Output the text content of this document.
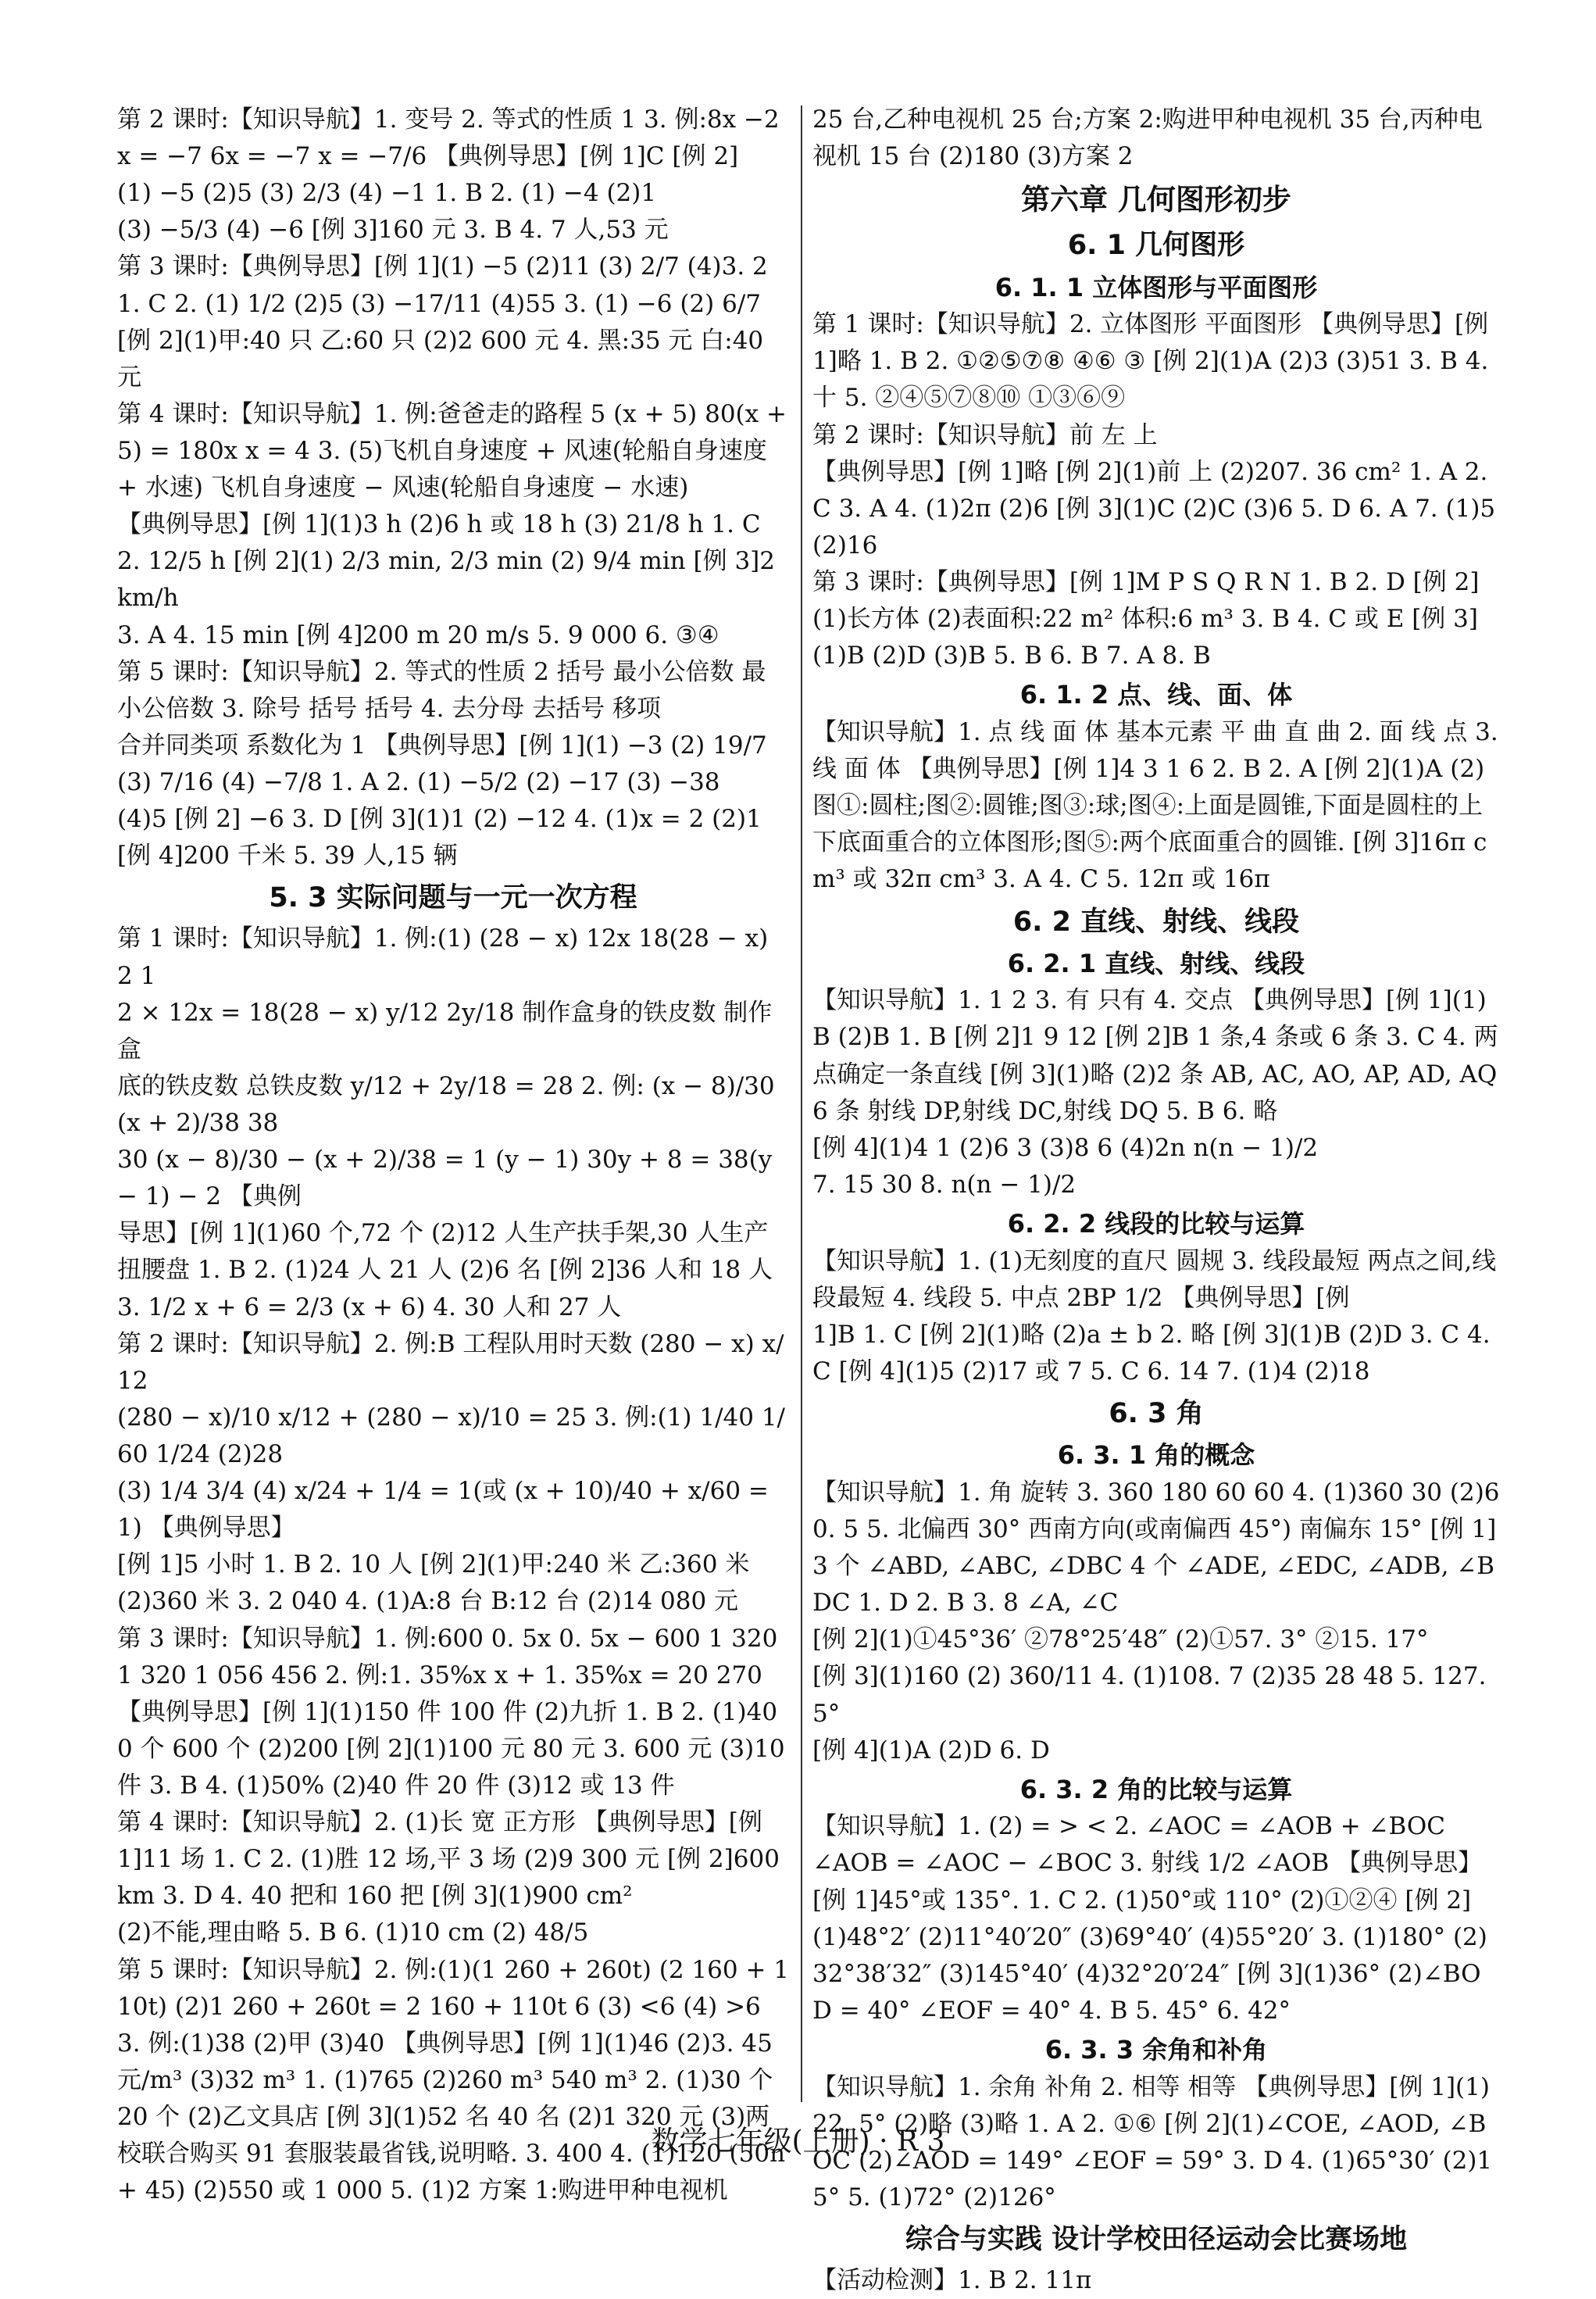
第 2 课时:【知识导航】1. 变号 2. 等式的性质 1 3. 例:8x −2x = −7 6x = −7 x = −7/6 【典例导思】[例 1]C [例 2]
(1) −5 (2)5 (3) 2/3 (4) −1 1. B 2. (1) −4 (2)1
(3) −5/3 (4) −6 [例 3]160 元 3. B 4. 7 人,53 元
第 3 课时:【典例导思】[例 1](1) −5 (2)11 (3) 2/7 (4)3. 2
1. C 2. (1) 1/2 (2)5 (3) −17/11 (4)55 3. (1) −6 (2) 6/7
[例 2](1)甲:40 只 乙:60 只 (2)2 600 元 4. 黑:35 元 白:40 元
第 4 课时:【知识导航】1. 例:爸爸走的路程 5 (x + 5) 80(x + 5) = 180x x = 4 3. (5)飞机自身速度 + 风速(轮船自身速度 + 水速) 飞机自身速度 − 风速(轮船自身速度 − 水速)
【典例导思】[例 1](1)3 h (2)6 h 或 18 h (3) 21/8 h 1. C
2. 12/5 h [例 2](1) 2/3 min, 2/3 min (2) 9/4 min [例 3]2 km/h
3. A 4. 15 min [例 4]200 m 20 m/s 5. 9 000 6. ③④
第 5 课时:【知识导航】2. 等式的性质 2 括号 最小公倍数 最小公倍数 3. 除号 括号 括号 4. 去分母 去括号 移项
合并同类项 系数化为 1 【典例导思】[例 1](1) −3 (2) 19/7
(3) 7/16 (4) −7/8 1. A 2. (1) −5/2 (2) −17 (3) −38
(4)5 [例 2] −6 3. D [例 3](1)1 (2) −12 4. (1)x = 2 (2)1 [例 4]200 千米 5. 39 人,15 辆
5. 3 实际问题与一元一次方程
第 1 课时:【知识导航】1. 例:(1) (28 − x) 12x 18(28 − x) 2 1
2 × 12x = 18(28 − x) y/12 2y/18 制作盒身的铁皮数 制作盒
底的铁皮数 总铁皮数 y/12 + 2y/18 = 28 2. 例: (x − 8)/30 (x + 2)/38 38
30 (x − 8)/30 − (x + 2)/38 = 1 (y − 1) 30y + 8 = 38(y − 1) − 2 【典例
导思】[例 1](1)60 个,72 个 (2)12 人生产扶手架,30 人生产扭腰盘 1. B 2. (1)24 人 21 人 (2)6 名 [例 2]36 人和 18 人
3. 1/2 x + 6 = 2/3 (x + 6) 4. 30 人和 27 人
第 2 课时:【知识导航】2. 例:B 工程队用时天数 (280 − x) x/12
(280 − x)/10 x/12 + (280 − x)/10 = 25 3. 例:(1) 1/40 1/60 1/24 (2)28
(3) 1/4 3/4 (4) x/24 + 1/4 = 1(或 (x + 10)/40 + x/60 = 1) 【典例导思】
[例 1]5 小时 1. B 2. 10 人 [例 2](1)甲:240 米 乙:360 米 (2)360 米 3. 2 040 4. (1)A:8 台 B:12 台 (2)14 080 元
第 3 课时:【知识导航】1. 例:600 0. 5x 0. 5x − 600 1 320 1 320 1 056 456 2. 例:1. 35%x x + 1. 35%x = 20 270
【典例导思】[例 1](1)150 件 100 件 (2)九折 1. B 2. (1)400 个 600 个 (2)200 [例 2](1)100 元 80 元 3. 600 元 (3)10 件 3. B 4. (1)50% (2)40 件 20 件 (3)12 或 13 件
第 4 课时:【知识导航】2. (1)长 宽 正方形 【典例导思】[例 1]11 场 1. C 2. (1)胜 12 场,平 3 场 (2)9 300 元 [例 2]600 km 3. D 4. 40 把和 160 把 [例 3](1)900 cm²
(2)不能,理由略 5. B 6. (1)10 cm (2) 48/5
第 5 课时:【知识导航】2. 例:(1)(1 260 + 260t) (2 160 + 110t) (2)1 260 + 260t = 2 160 + 110t 6 (3) <6 (4) >6
3. 例:(1)38 (2)甲 (3)40 【典例导思】[例 1](1)46 (2)3. 45 元/m³ (3)32 m³ 1. (1)765 (2)260 m³ 540 m³ 2. (1)30 个 20 个 (2)乙文具店 [例 3](1)52 名 40 名 (2)1 320 元 (3)两校联合购买 91 套服装最省钱,说明略. 3. 400 4. (1)120 (50n + 45) (2)550 或 1 000 5. (1)2 方案 1:购进甲种电视机
25 台,乙种电视机 25 台;方案 2:购进甲种电视机 35 台,丙种电视机 15 台 (2)180 (3)方案 2
第六章 几何图形初步
6. 1 几何图形
6. 1. 1 立体图形与平面图形
第 1 课时:【知识导航】2. 立体图形 平面图形 【典例导思】[例 1]略 1. B 2. ①②⑤⑦⑧ ④⑥ ③ [例 2](1)A (2)3 (3)51 3. B 4. 十 5. ②④⑤⑦⑧⑩ ①③⑥⑨
第 2 课时:【知识导航】前 左 上
【典例导思】[例 1]略 [例 2](1)前 上 (2)207. 36 cm² 1. A 2. C 3. A 4. (1)2π (2)6 [例 3](1)C (2)C (3)6 5. D 6. A 7. (1)5 (2)16
第 3 课时:【典例导思】[例 1]M P S Q R N 1. B 2. D [例 2](1)长方体 (2)表面积:22 m² 体积:6 m³ 3. B 4. C 或 E [例 3](1)B (2)D (3)B 5. B 6. B 7. A 8. B
6. 1. 2 点、线、面、体
【知识导航】1. 点 线 面 体 基本元素 平 曲 直 曲 2. 面 线 点 3. 线 面 体 【典例导思】[例 1]4 3 1 6 2. B 2. A [例 2](1)A (2)图①:圆柱;图②:圆锥;图③:球;图④:上面是圆锥,下面是圆柱的上下底面重合的立体图形;图⑤:两个底面重合的圆锥. [例 3]16π cm³ 或 32π cm³ 3. A 4. C 5. 12π 或 16π
6. 2 直线、射线、线段
6. 2. 1 直线、射线、线段
【知识导航】1. 1 2 3. 有 只有 4. 交点 【典例导思】[例 1](1)B (2)B 1. B [例 2]1 9 12 [例 2]B 1 条,4 条或 6 条 3. C 4. 两点确定一条直线 [例 3](1)略 (2)2 条 AB, AC, AO, AP, AD, AQ 6 条 射线 DP,射线 DC,射线 DQ 5. B 6. 略
[例 4](1)4 1 (2)6 3 (3)8 6 (4)2n n(n − 1)/2
7. 15 30 8. n(n − 1)/2
6. 2. 2 线段的比较与运算
【知识导航】1. (1)无刻度的直尺 圆规 3. 线段最短 两点之间,线段最短 4. 线段 5. 中点 2BP 1/2 【典例导思】[例
1]B 1. C [例 2](1)略 (2)a ± b 2. 略 [例 3](1)B (2)D 3. C 4. C [例 4](1)5 (2)17 或 7 5. C 6. 14 7. (1)4 (2)18
6. 3 角
6. 3. 1 角的概念
【知识导航】1. 角 旋转 3. 360 180 60 60 4. (1)360 30 (2)6 0. 5 5. 北偏西 30° 西南方向(或南偏西 45°) 南偏东 15° [例 1]3 个 ∠ABD, ∠ABC, ∠DBC 4 个 ∠ADE, ∠EDC, ∠ADB, ∠BDC 1. D 2. B 3. 8 ∠A, ∠C
[例 2](1)①45°36′ ②78°25′48″ (2)①57. 3° ②15. 17°
[例 3](1)160 (2) 360/11 4. (1)108. 7 (2)35 28 48 5. 127. 5°
[例 4](1)A (2)D 6. D
6. 3. 2 角的比较与运算
【知识导航】1. (2) = > < 2. ∠AOC = ∠AOB + ∠BOC
∠AOB = ∠AOC − ∠BOC 3. 射线 1/2 ∠AOB 【典例导思】
[例 1]45°或 135°. 1. C 2. (1)50°或 110° (2)①②④ [例 2](1)48°2′ (2)11°40′20″ (3)69°40′ (4)55°20′ 3. (1)180° (2)32°38′32″ (3)145°40′ (4)32°20′24″ [例 3](1)36° (2)∠BOD = 40° ∠EOF = 40° 4. B 5. 45° 6. 42°
6. 3. 3 余角和补角
【知识导航】1. 余角 补角 2. 相等 相等 【典例导思】[例 1](1)22. 5° (2)略 (3)略 1. A 2. ①⑥ [例 2](1)∠COE, ∠AOD, ∠BOC (2)∠AOD = 149° ∠EOF = 59° 3. D 4. (1)65°30′ (2)15° 5. (1)72° (2)126°
综合与实践 设计学校田径运动会比赛场地
【活动检测】1. B 2. 11π
数学七年级(上册) · R 3
